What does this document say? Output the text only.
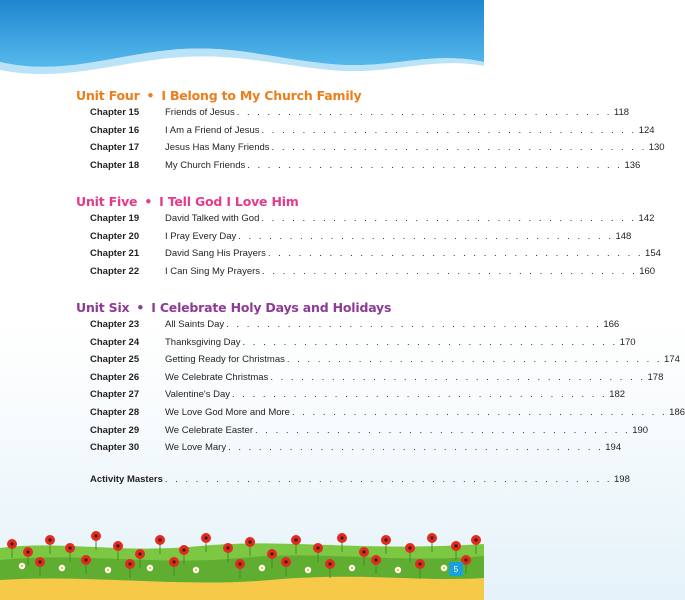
Unit Four • I Belong to My Church Family
Chapter 15	Friends of Jesus . . . . . . . . . . . . . . . . . . . . . . . . . . . . . . . . . . . . . 118
Chapter 16	I Am a Friend of Jesus . . . . . . . . . . . . . . . . . . . . . . . . . . . . . . . . . . . . . 124
Chapter 17	Jesus Has Many Friends . . . . . . . . . . . . . . . . . . . . . . . . . . . . . . . . . . . . . 130
Chapter 18	My Church Friends . . . . . . . . . . . . . . . . . . . . . . . . . . . . . . . . . . . . . 136
Unit Five • I Tell God I Love Him
Chapter 19	David Talked with God . . . . . . . . . . . . . . . . . . . . . . . . . . . . . . . . . . . . . 142
Chapter 20	I Pray Every Day . . . . . . . . . . . . . . . . . . . . . . . . . . . . . . . . . . . . . 148
Chapter 21	David Sang His Prayers . . . . . . . . . . . . . . . . . . . . . . . . . . . . . . . . . . . . . 154
Chapter 22	I Can Sing My Prayers . . . . . . . . . . . . . . . . . . . . . . . . . . . . . . . . . . . . . 160
Unit Six • I Celebrate Holy Days and Holidays
Chapter 23	All Saints Day . . . . . . . . . . . . . . . . . . . . . . . . . . . . . . . . . . . . . 166
Chapter 24	Thanksgiving Day . . . . . . . . . . . . . . . . . . . . . . . . . . . . . . . . . . . . . 170
Chapter 25	Getting Ready for Christmas . . . . . . . . . . . . . . . . . . . . . . . . . . . . . . . . . . . . . 174
Chapter 26	We Celebrate Christmas . . . . . . . . . . . . . . . . . . . . . . . . . . . . . . . . . . . . . 178
Chapter 27	Valentine's Day . . . . . . . . . . . . . . . . . . . . . . . . . . . . . . . . . . . . . 182
Chapter 28	We Love God More and More . . . . . . . . . . . . . . . . . . . . . . . . . . . . . . . . . . . . . 186
Chapter 29	We Celebrate Easter . . . . . . . . . . . . . . . . . . . . . . . . . . . . . . . . . . . . . 190
Chapter 30	We Love Mary . . . . . . . . . . . . . . . . . . . . . . . . . . . . . . . . . . . . . 194
Activity Masters . . . . . . . . . . . . . . . . . . . . . . . . . . . . . . . . . . . . . . . . . . . . 198
5
